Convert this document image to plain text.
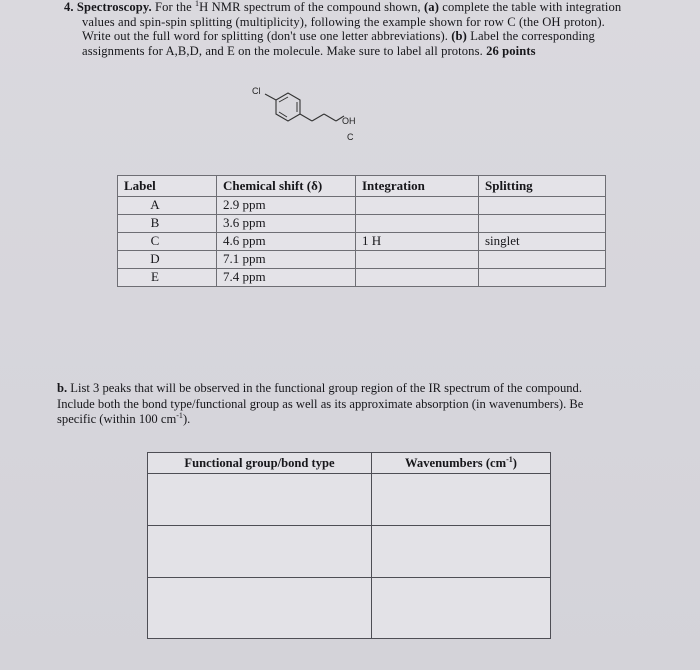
4. Spectroscopy. For the $^1$H NMR spectrum of the compound shown, (a) complete the table with integration

values and spin-spin splitting (multiplicity), following the example shown for row C (the OH proton).

Write out the full word for splitting (don't use one letter abbreviations). (b) Label the corresponding

assignments for A,B,D, and E on the molecule. Make sure to label all protons. 26 points

Cl
OH
C
Label	Chemical shift (δ)	Integration	Splitting
A	2.9 ppm		
B	3.6 ppm		
C	4.6 ppm	1 H	singlet
D	7.1 ppm		
E	7.4 ppm		

b. List 3 peaks that will be observed in the functional group region of the IR spectrum of the compound.

Include both the bond type/functional group as well as its approximate absorption (in wavenumbers). Be

specific (within 100 $cm^{-1}$).

Functional group/bond type	Wavenumbers $(cm^{-1})$
